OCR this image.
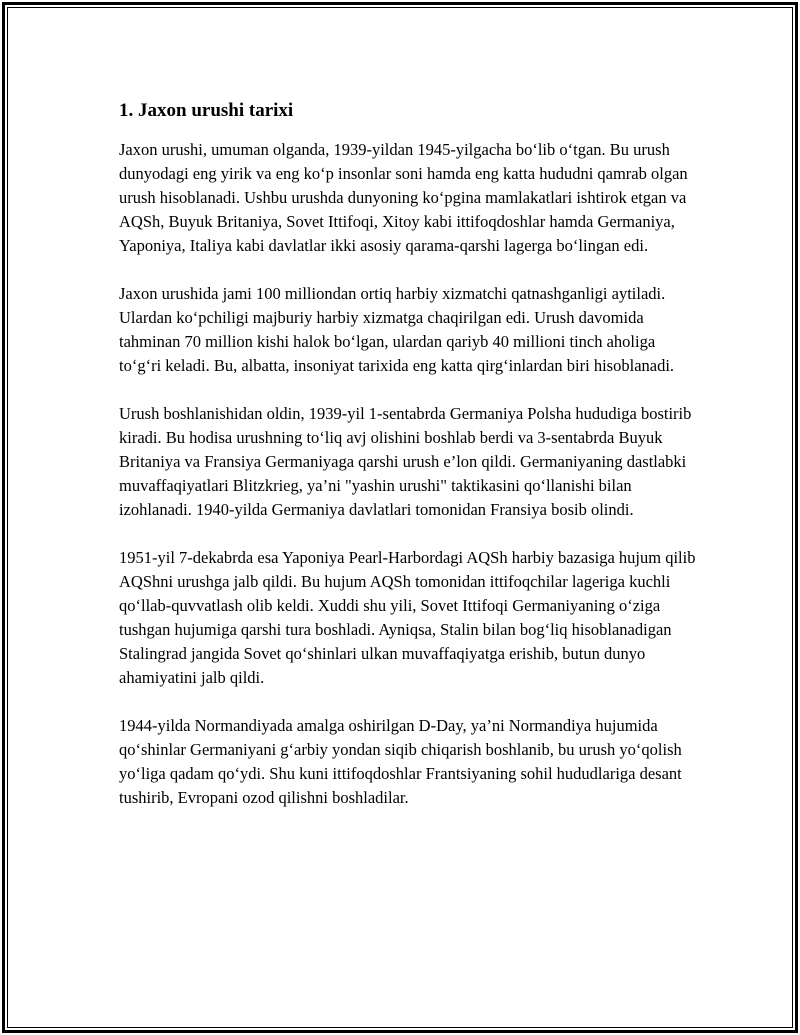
1. Jaxon urushi tarixi

Jaxon urushi, umuman olganda, 1939-yildan 1945-yilgacha bo‘lib o‘tgan. Bu urush dunyodagi eng yirik va eng ko‘p insonlar soni hamda eng katta hududni qamrab olgan urush hisoblanadi. Ushbu urushda dunyoning ko‘pgina mamlakatlari ishtirok etgan va AQSh, Buyuk Britaniya, Sovet Ittifoqi, Xitoy kabi ittifoqdoshlar hamda Germaniya, Yaponiya, Italiya kabi davlatlar ikki asosiy qarama-qarshi lagerga bo‘lingan edi.

Jaxon urushida jami 100 milliondan ortiq harbiy xizmatchi qatnashganligi aytiladi. Ulardan ko‘pchiligi majburiy harbiy xizmatga chaqirilgan edi. Urush davomida tahminan 70 million kishi halok bo‘lgan, ulardan qariyb 40 millioni tinch aholiga to‘g‘ri keladi. Bu, albatta, insoniyat tarixida eng katta qirg‘inlardan biri hisoblanadi.

Urush boshlanishidan oldin, 1939-yil 1-sentabrda Germaniya Polsha hududiga bostirib kiradi. Bu hodisa urushning to‘liq avj olishini boshlab berdi va 3-sentabrda Buyuk Britaniya va Fransiya Germaniyaga qarshi urush e’lon qildi. Germaniyaning dastlabki muvaffaqiyatlari Blitzkrieg, ya’ni "yashin urushi" taktikasini qo‘llanishi bilan izohlanadi. 1940-yilda Germaniya davlatlari tomonidan Fransiya bosib olindi.

1951-yil 7-dekabrda esa Yaponiya Pearl-Harbordagi AQSh harbiy bazasiga hujum qilib AQShni urushga jalb qildi. Bu hujum AQSh tomonidan ittifoqchilar lageriga kuchli qo‘llab-quvvatlash olib keldi. Xuddi shu yili, Sovet Ittifoqi Germaniyaning o‘ziga tushgan hujumiga qarshi tura boshladi. Ayniqsa, Stalin bilan bog‘liq hisoblanadigan Stalingrad jangida Sovet qo‘shinlari ulkan muvaffaqiyatga erishib, butun dunyo ahamiyatini jalb qildi.

1944-yilda Normandiyada amalga oshirilgan D-Day, ya’ni Normandiya hujumida qo‘shinlar Germaniyani g‘arbiy yondan siqib chiqarish boshlanib, bu urush yo‘qolish yo‘liga qadam qo‘ydi. Shu kuni ittifoqdoshlar Frantsiyaning sohil hududlariga desant tushirib, Evropani ozod qilishni boshladilar.
